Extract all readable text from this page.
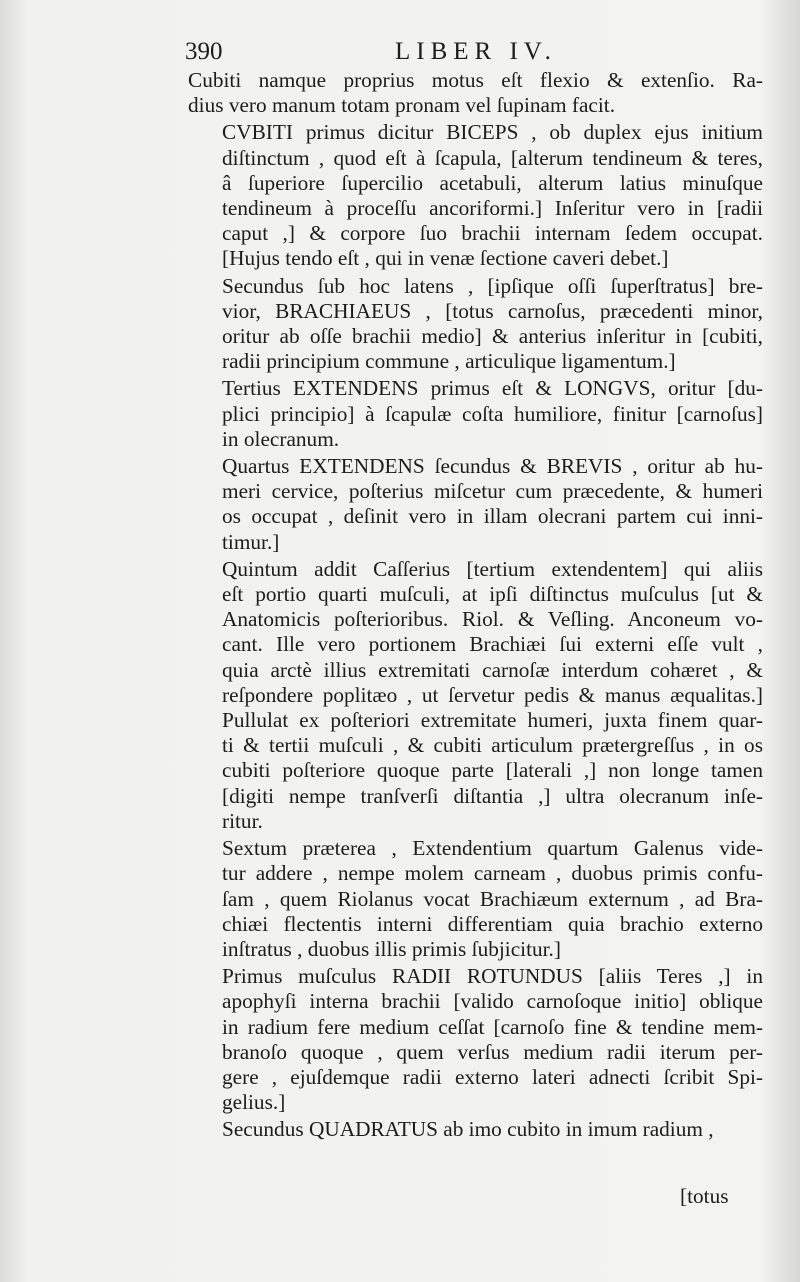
390	LIBER IV.
Cubiti namque proprius motus eſt flexio & extenſio. Ra-
dius vero manum totam pronam vel ſupinam facit.
CVBITI primus dicitur BICEPS , ob duplex ejus initium
diſtinctum , quod eſt à ſcapula, [alterum tendineum & teres,
â ſuperiore ſupercilio acetabuli, alterum latius minuſque
tendineum à proceſſu ancoriformi.] Inſeritur vero in [radii
caput ,] & corpore ſuo brachii internam ſedem occupat.
[Hujus tendo eſt , qui in venæ ſectione caveri debet.]
Secundus ſub hoc latens , [ipſique oſſi ſuperſtratus] bre-
vior, BRACHIAEUS , [totus carnoſus, præcedenti minor,
oritur ab oſſe brachii medio] & anterius inſeritur in [cubiti,
radii principium commune , articulique ligamentum.]
Tertius EXTENDENS primus eſt & LONGVS, oritur [du-
plici principio] à ſcapulæ coſta humiliore, finitur [carnoſus]
in olecranum.
Quartus EXTENDENS ſecundus & BREVIS , oritur ab hu-
meri cervice, poſterius miſcetur cum præcedente, & humeri
os occupat , deſinit vero in illam olecrani partem cui inni-
timur.]
Quintum addit Caſſerius [tertium extendentem] qui aliis
eſt portio quarti muſculi, at ipſi diſtinctus muſculus [ut &
Anatomicis poſterioribus. Riol. & Veſling. Anconeum vo-
cant. Ille vero portionem Brachiæi ſui externi eſſe vult ,
quia arctè illius extremitati carnoſæ interdum cohæret , &
reſpondere poplitæo , ut ſervetur pedis & manus æqualitas.]
Pullulat ex poſteriori extremitate humeri, juxta finem quar-
ti & tertii muſculi , & cubiti articulum prætergreſſus , in os
cubiti poſteriore quoque parte [laterali ,] non longe tamen
[digiti nempe tranſverſi diſtantia ,] ultra olecranum inſe-
ritur.
Sextum præterea , Extendentium quartum Galenus vide-
tur addere , nempe molem carneam , duobus primis confu-
ſam , quem Riolanus vocat Brachiæum externum , ad Bra-
chiæi flectentis interni differentiam quia brachio externo
inſtratus , duobus illis primis ſubjicitur.]
Primus muſculus RADII ROTUNDUS [aliis Teres ,] in
apophyſi interna brachii [valido carnoſoque initio] oblique
in radium fere medium ceſſat [carnoſo fine & tendine mem-
branoſo quoque , quem verſus medium radii iterum per-
gere , ejuſdemque radii externo lateri adnecti ſcribit Spi-
gelius.]
Secundus QUADRATUS ab imo cubito in imum radium ,
[totus
